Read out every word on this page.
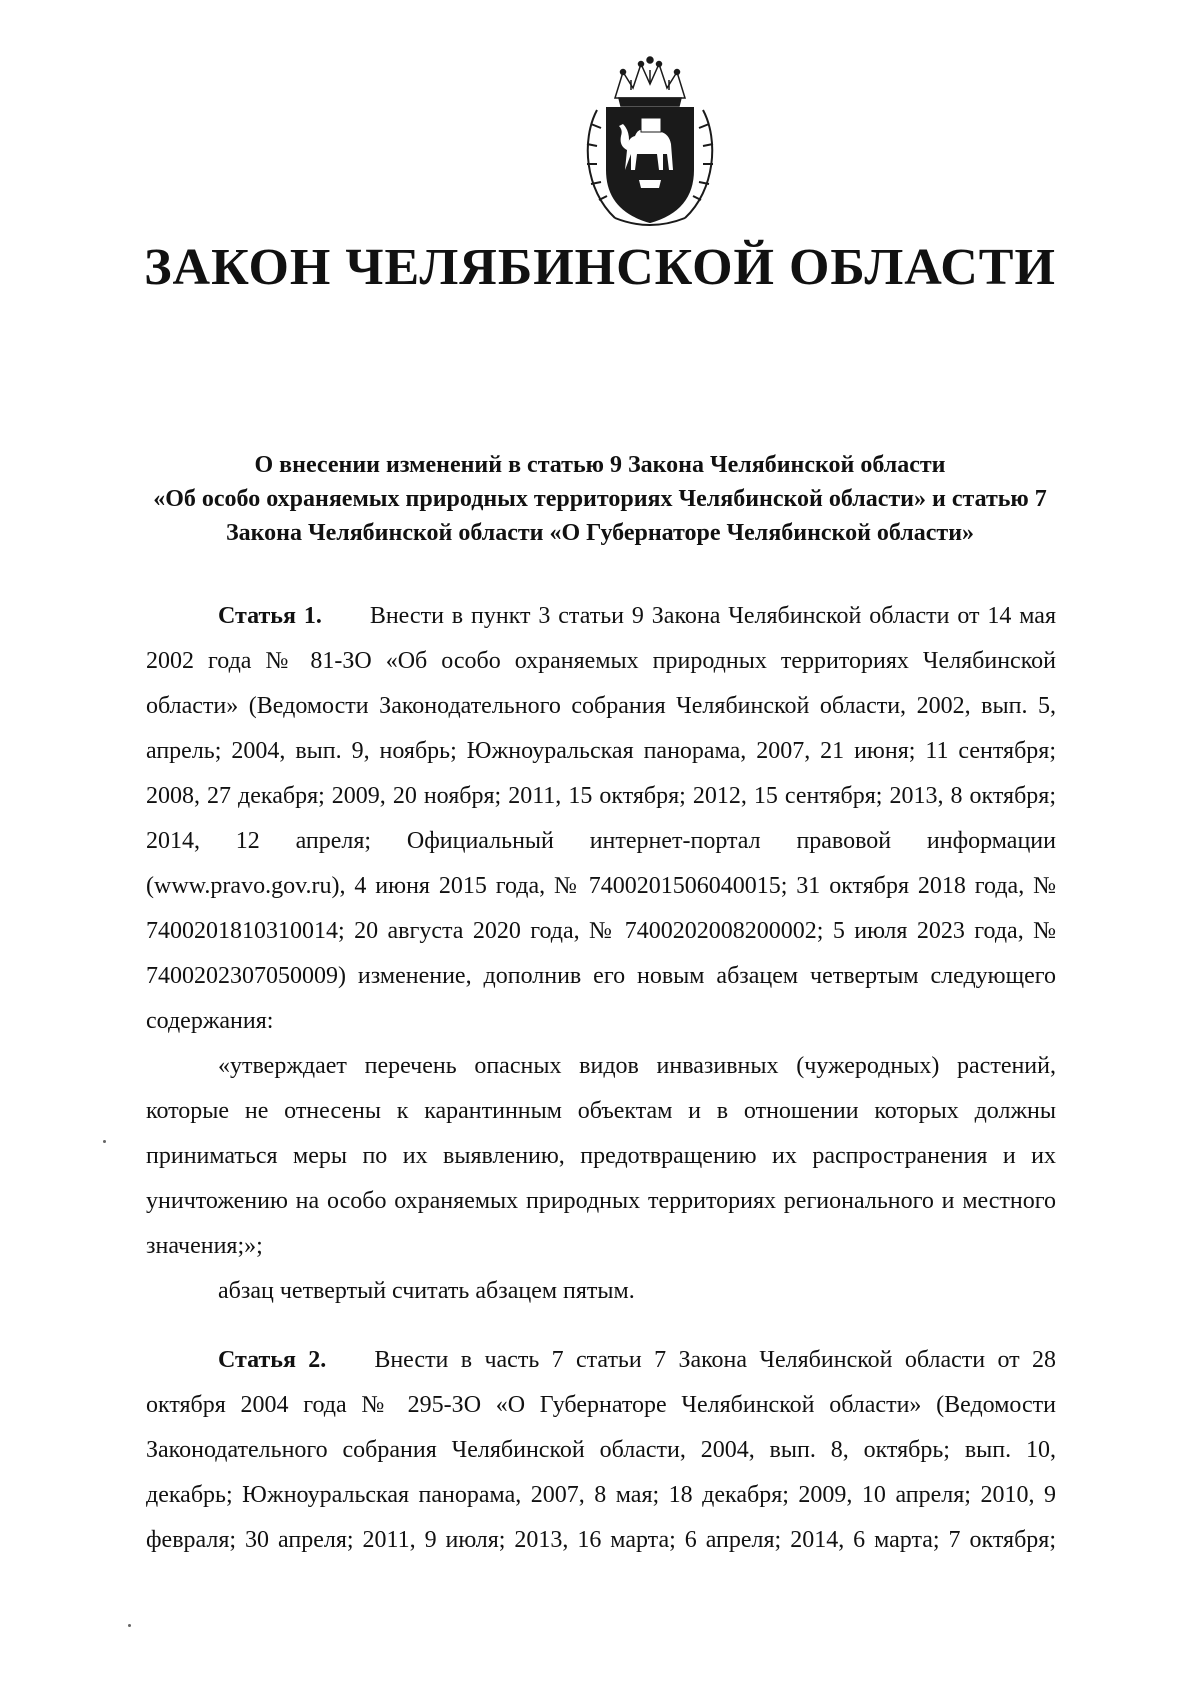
ЗАКОН ЧЕЛЯБИНСКОЙ ОБЛАСТИ
О внесении изменений в статью 9 Закона Челябинской области
«Об особо охраняемых природных территориях Челябинской области» и статью 7
Закона Челябинской области «О Губернаторе Челябинской области»

Статья 1. Внести в пункт 3 статьи 9 Закона Челябинской области от 14 мая 2002 года № 81-ЗО «Об особо охраняемых природных территориях Челябинской области» (Ведомости Законодательного собрания Челябинской области, 2002, вып. 5, апрель; 2004, вып. 9, ноябрь; Южноуральская панорама, 2007, 21 июня; 11 сентября; 2008, 27 декабря; 2009, 20 ноября; 2011, 15 октября; 2012, 15 сентября; 2013, 8 октября; 2014, 12 апреля; Официальный интернет-портал правовой информации (www.pravo.gov.ru), 4 июня 2015 года, № 7400201506040015; 31 октября 2018 года, № 7400201810310014; 20 августа 2020 года, № 7400202008200002; 5 июля 2023 года, № 7400202307050009) изменение, дополнив его новым абзацем четвертым следующего содержания:

«утверждает перечень опасных видов инвазивных (чужеродных) растений, которые не отнесены к карантинным объектам и в отношении которых должны приниматься меры по их выявлению, предотвращению их распространения и их уничтожению на особо охраняемых природных территориях регионального и местного значения;»;

абзац четвертый считать абзацем пятым.

Статья 2. Внести в часть 7 статьи 7 Закона Челябинской области от 28 октября 2004 года № 295-ЗО «О Губернаторе Челябинской области» (Ведомости Законодательного собрания Челябинской области, 2004, вып. 8, октябрь; вып. 10, декабрь; Южноуральская панорама, 2007, 8 мая; 18 декабря; 2009, 10 апреля; 2010, 9 февраля; 30 апреля; 2011, 9 июля; 2013, 16 марта; 6 апреля; 2014, 6 марта; 7 октября;
